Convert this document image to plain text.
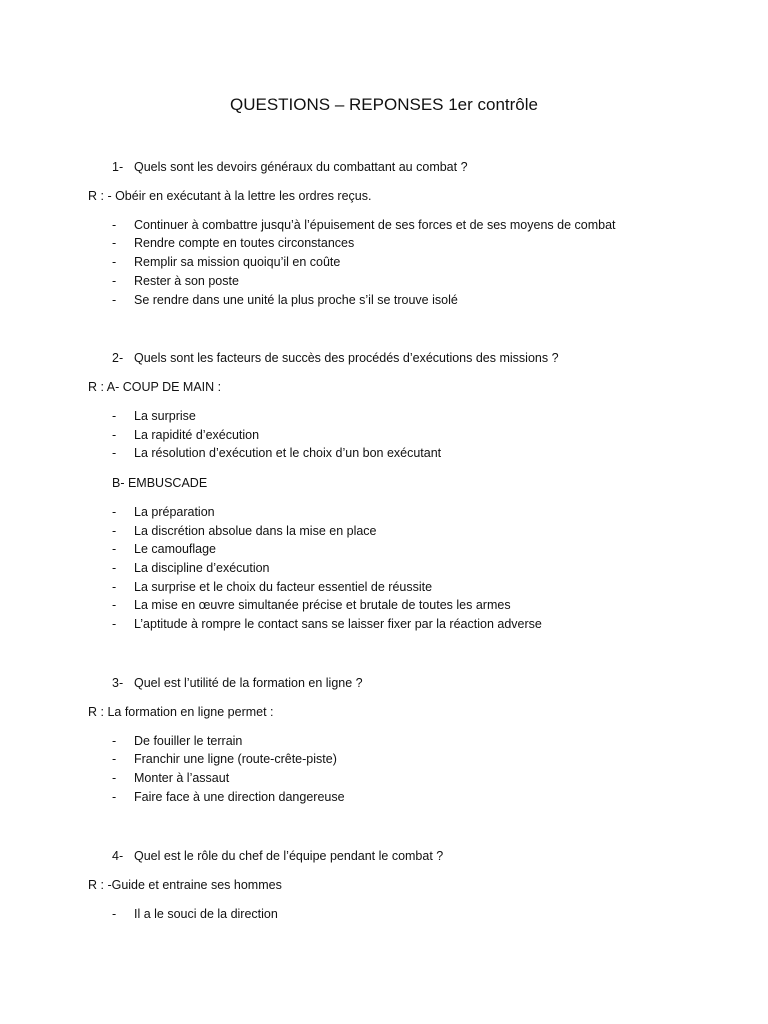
QUESTIONS – REPONSES 1er contrôle
1- Quels sont les devoirs généraux du combattant au combat ?
R : - Obéir en exécutant à la lettre les ordres reçus.
- Continuer à combattre jusqu’à l’épuisement de ses forces et de ses moyens de combat
- Rendre compte en toutes circonstances
- Remplir sa mission quoiqu’il en coûte
- Rester à son poste
- Se rendre dans une unité la plus proche s’il se trouve isolé
2- Quels sont les facteurs de succès des procédés d’exécutions des missions ?
R : A- COUP DE MAIN :
- La surprise
- La rapidité d’exécution
- La résolution d’exécution et le choix d’un bon exécutant
B- EMBUSCADE
- La préparation
- La discrétion absolue dans la mise en place
- Le camouflage
- La discipline d’exécution
- La surprise et le choix du facteur essentiel de réussite
- La mise en œuvre simultanée précise et brutale de toutes les armes
- L’aptitude à rompre le contact sans se laisser fixer par la réaction adverse
3- Quel est l’utilité de la formation en ligne ?
R : La formation en ligne permet :
- De fouiller le terrain
- Franchir une ligne (route-crête-piste)
- Monter à l’assaut
- Faire face à une direction dangereuse
4- Quel est le rôle du chef de l’équipe pendant le combat ?
R : -Guide et entraine ses hommes
- Il a le souci de la direction
